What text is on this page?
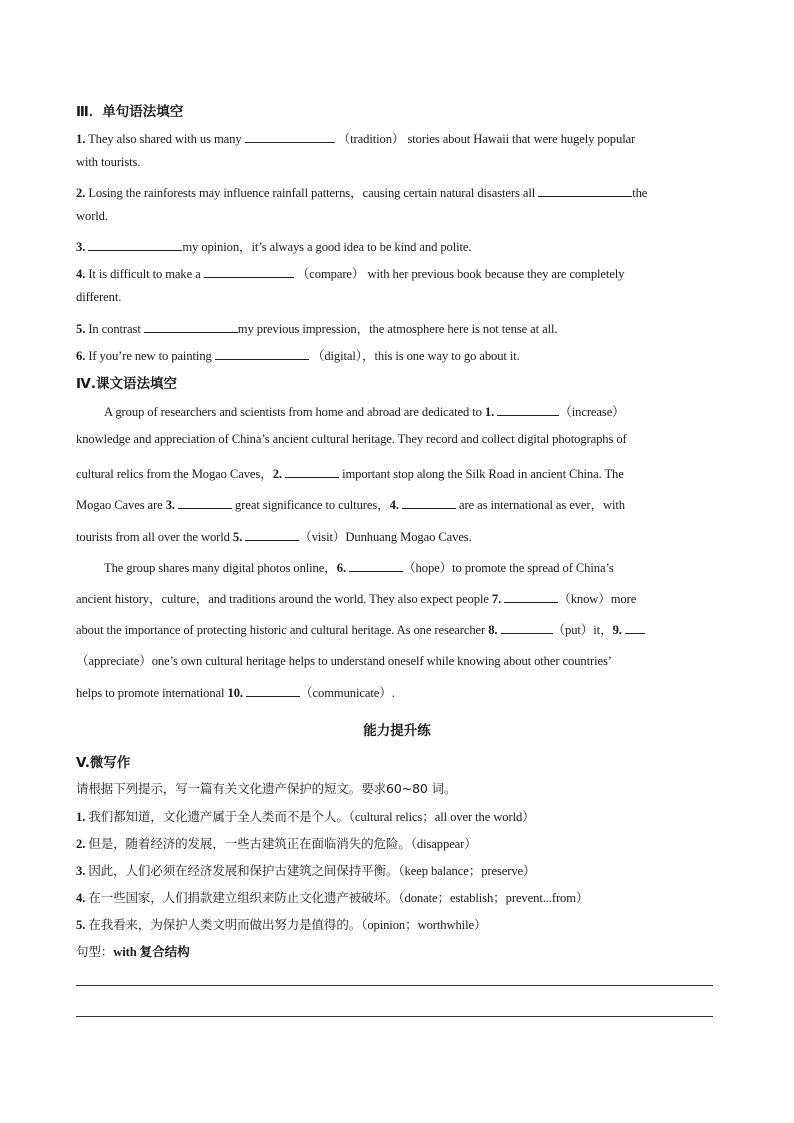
Ⅲ．单句语法填空
1. They also shared with us many	（tradition） stories about Hawaii that were hugely popular
with tourists.
2. Losing the rainforests may influence rainfall patterns，causing certain natural disasters all	the
world.
3.	my opinion，it’s always a good idea to be kind and polite.
4. It is difficult to make a	（compare） with her previous book because they are completely
different.
5. In contrast	my previous impression，the atmosphere here is not tense at all.
6. If you’re new to painting	（digital），this is one way to go about it.
Ⅳ.课文语法填空
A group of researchers and scientists from home and abroad are dedicated to 1.	（increase）
knowledge and appreciation of China’s ancient cultural heritage. They record and collect digital photographs of
cultural relics from the Mogao Caves，2.	important stop along the Silk Road in ancient China. The
Mogao Caves are 3.	great significance to cultures，4.	are as international as ever，with
tourists from all over the world 5.	（visit）Dunhuang Mogao Caves.
The group shares many digital photos online，6.	（hope）to promote the spread of China’s
ancient history，culture，and traditions around the world. They also expect people 7.	（know）more
about the importance of protecting historic and cultural heritage. As one researcher 8.	（put）it，9.
（appreciate）one’s own cultural heritage helps to understand oneself while knowing about other countries’
helps to promote international 10.	（communicate）.
能力提升练
V.微写作
请根据下列提示，写一篇有关文化遗产保护的短文。要求60~80 词。
1. 我们都知道，文化遗产属于全人类而不是个人。（cultural relics；all over the world）
2. 但是，随着经济的发展，一些古建筑正在面临消失的危险。（disappear）
3. 因此，人们必须在经济发展和保护古建筑之间保持平衡。（keep balance；preserve）
4. 在一些国家，人们捐款建立组织来防止文化遗产被破坏。（donate；establish；prevent...from）
5. 在我看来，为保护人类文明而做出努力是值得的。（opinion；worthwhile）
句型：with 复合结构
